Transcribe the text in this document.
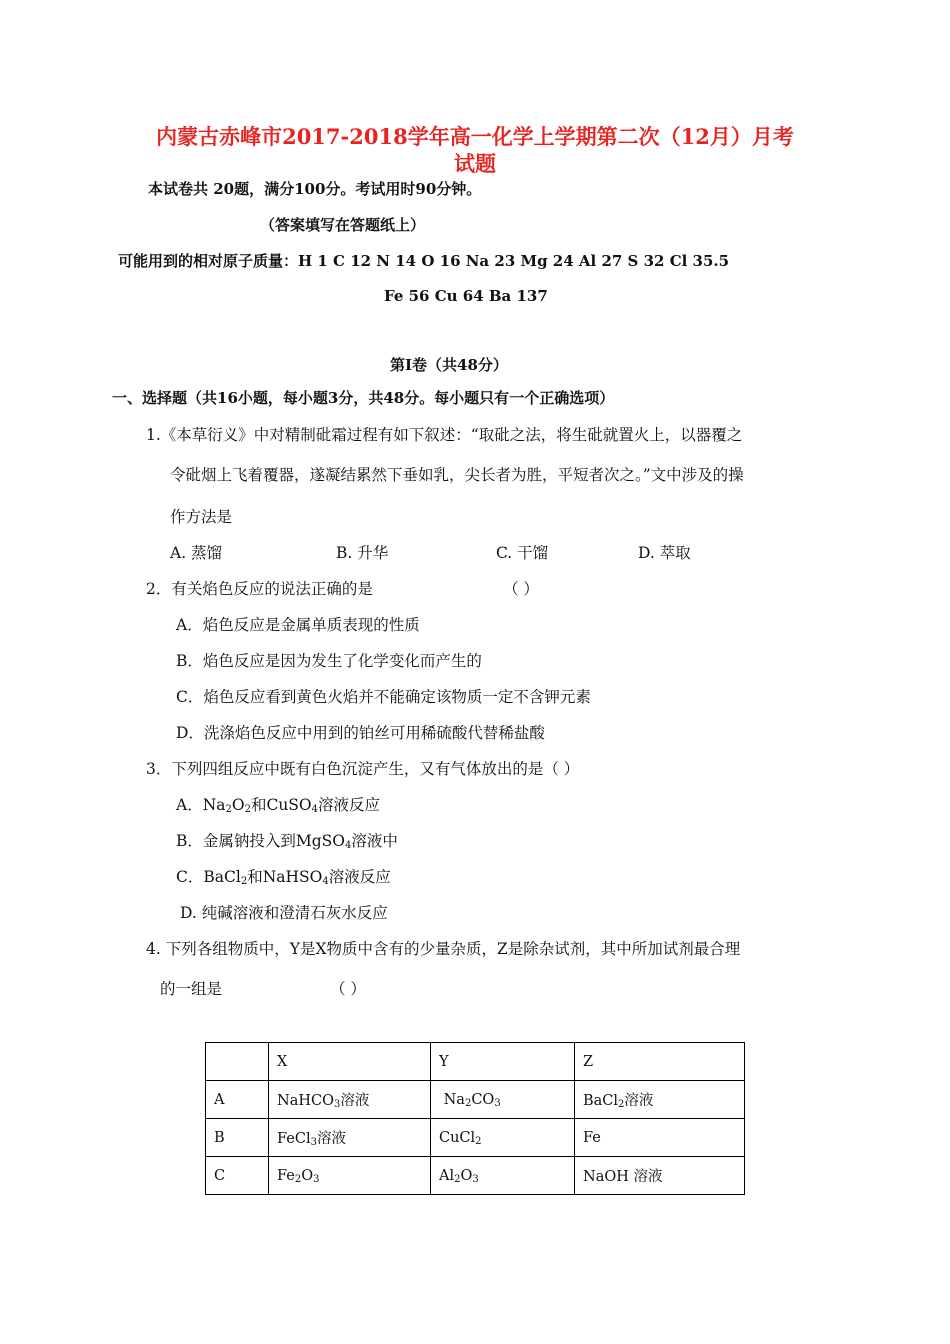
内蒙古赤峰市2017-2018学年高一化学上学期第二次（12月）月考
试题
本试卷共 20题，满分100分。考试用时90分钟。
（答案填写在答题纸上）
可能用到的相对原子质量：H 1 C 12 N 14 O 16 Na 23 Mg 24 Al 27 S 32 Cl 35.5
Fe 56 Cu 64 Ba 137
第Ⅰ卷（共48分）
一、选择题（共16小题，每小题3分，共48分。每小题只有一个正确选项）
1.《本草衍义》中对精制砒霜过程有如下叙述：“取砒之法，将生砒就置火上，以器覆之
令砒烟上飞着覆器，遂凝结累然下垂如乳，尖长者为胜，平短者次之。”文中涉及的操
作方法是
A. 蒸馏	B. 升华	C. 干馏	D. 萃取
2．有关焰色反应的说法正确的是	（ ）
A．焰色反应是金属单质表现的性质
B．焰色反应是因为发生了化学变化而产生的
C．焰色反应看到黄色火焰并不能确定该物质一定不含钾元素
D．洗涤焰色反应中用到的铂丝可用稀硫酸代替稀盐酸
3．下列四组反应中既有白色沉淀产生，又有气体放出的是（ ）
A．$Na_2O_2$和CuSO$_4$溶液反应
B．金属钠投入到MgSO$_4$溶液中
C．BaCl$_2$和NaHSO$_4$溶液反应
D. 纯碱溶液和澄清石灰水反应
4. 下列各组物质中，Y是X物质中含有的少量杂质，Z是除杂试剂，其中所加试剂最合理
的一组是	（ ）
	X	Y	Z
A	NaHCO$_3$溶液	$Na_2CO_3$	BaCl$_2$溶液
B	FeCl$_3$溶液	CuCl$_2$	Fe
C	$Fe_2O_3$	$Al_2O_3$	NaOH 溶液
